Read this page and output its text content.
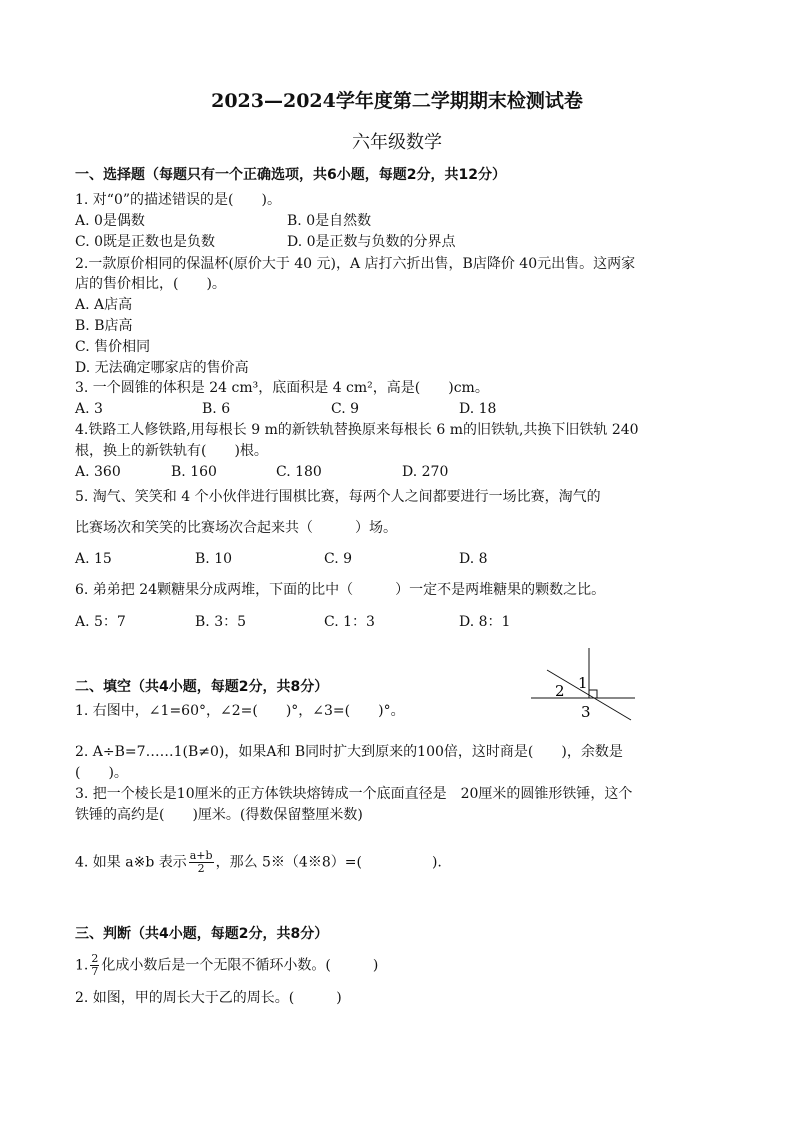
2023—2024学年度第二学期期末检测试卷
六年级数学
一、选择题（每题只有一个正确选项，共6小题，每题2分，共12分）
1. 对“0”的描述错误的是(　　)。
A. 0是偶数	B. 0是自然数
C. 0既是正数也是负数	D. 0是正数与负数的分界点
2.一款原价相同的保温杯(原价大于 40 元)，A 店打六折出售，B店降价 40元出售。这两家
店的售价相比，(　　)。
A. A店高
B. B店高
C. 售价相同
D. 无法确定哪家店的售价高
3. 一个圆锥的体积是 24 cm³，底面积是 4 cm²，高是(　　)cm。
A. 3	B. 6	C. 9	D. 18
4.铁路工人修铁路,用每根长 9 m的新铁轨替换原来每根长 6 m的旧铁轨,共换下旧铁轨 240
根，换上的新铁轨有(　　)根。
A. 360	B. 160	C. 180	D. 270
5. 淘气、笑笑和 4 个小伙伴进行围棋比赛，每两个人之间都要进行一场比赛，淘气的
比赛场次和笑笑的比赛场次合起来共（　　　）场。
A. 15	B. 10	C. 9	D. 8
6. 弟弟把 24颗糖果分成两堆，下面的比中（　　　）一定不是两堆糖果的颗数之比。
A. 5：7	B. 3：5	C. 1：3	D. 8：1
二、填空（共4小题，每题2分，共8分）	1
2
3
1. 右图中，∠1=60°，∠2=(　　)°，∠3=(　　)°。
2. A÷B=7……1(B≠0)，如果A和 B同时扩大到原来的100倍，这时商是(　　)，余数是
(　　)。
3. 把一个棱长是10厘米的正方体铁块熔铸成一个底面直径是　20厘米的圆锥形铁锤，这个
铁锤的高约是(　　)厘米。(得数保留整厘米数)
4. 如果 a※b 表示 $\frac{a+b}{2}$ ，那么 5※（4※8）=(　　　　　).
三、判断（共4小题，每题2分，共8分）
1. $\frac{2}{7}$ 化成小数后是一个无限不循环小数。(　　　)
2. 如图，甲的周长大于乙的周长。(　　　)
